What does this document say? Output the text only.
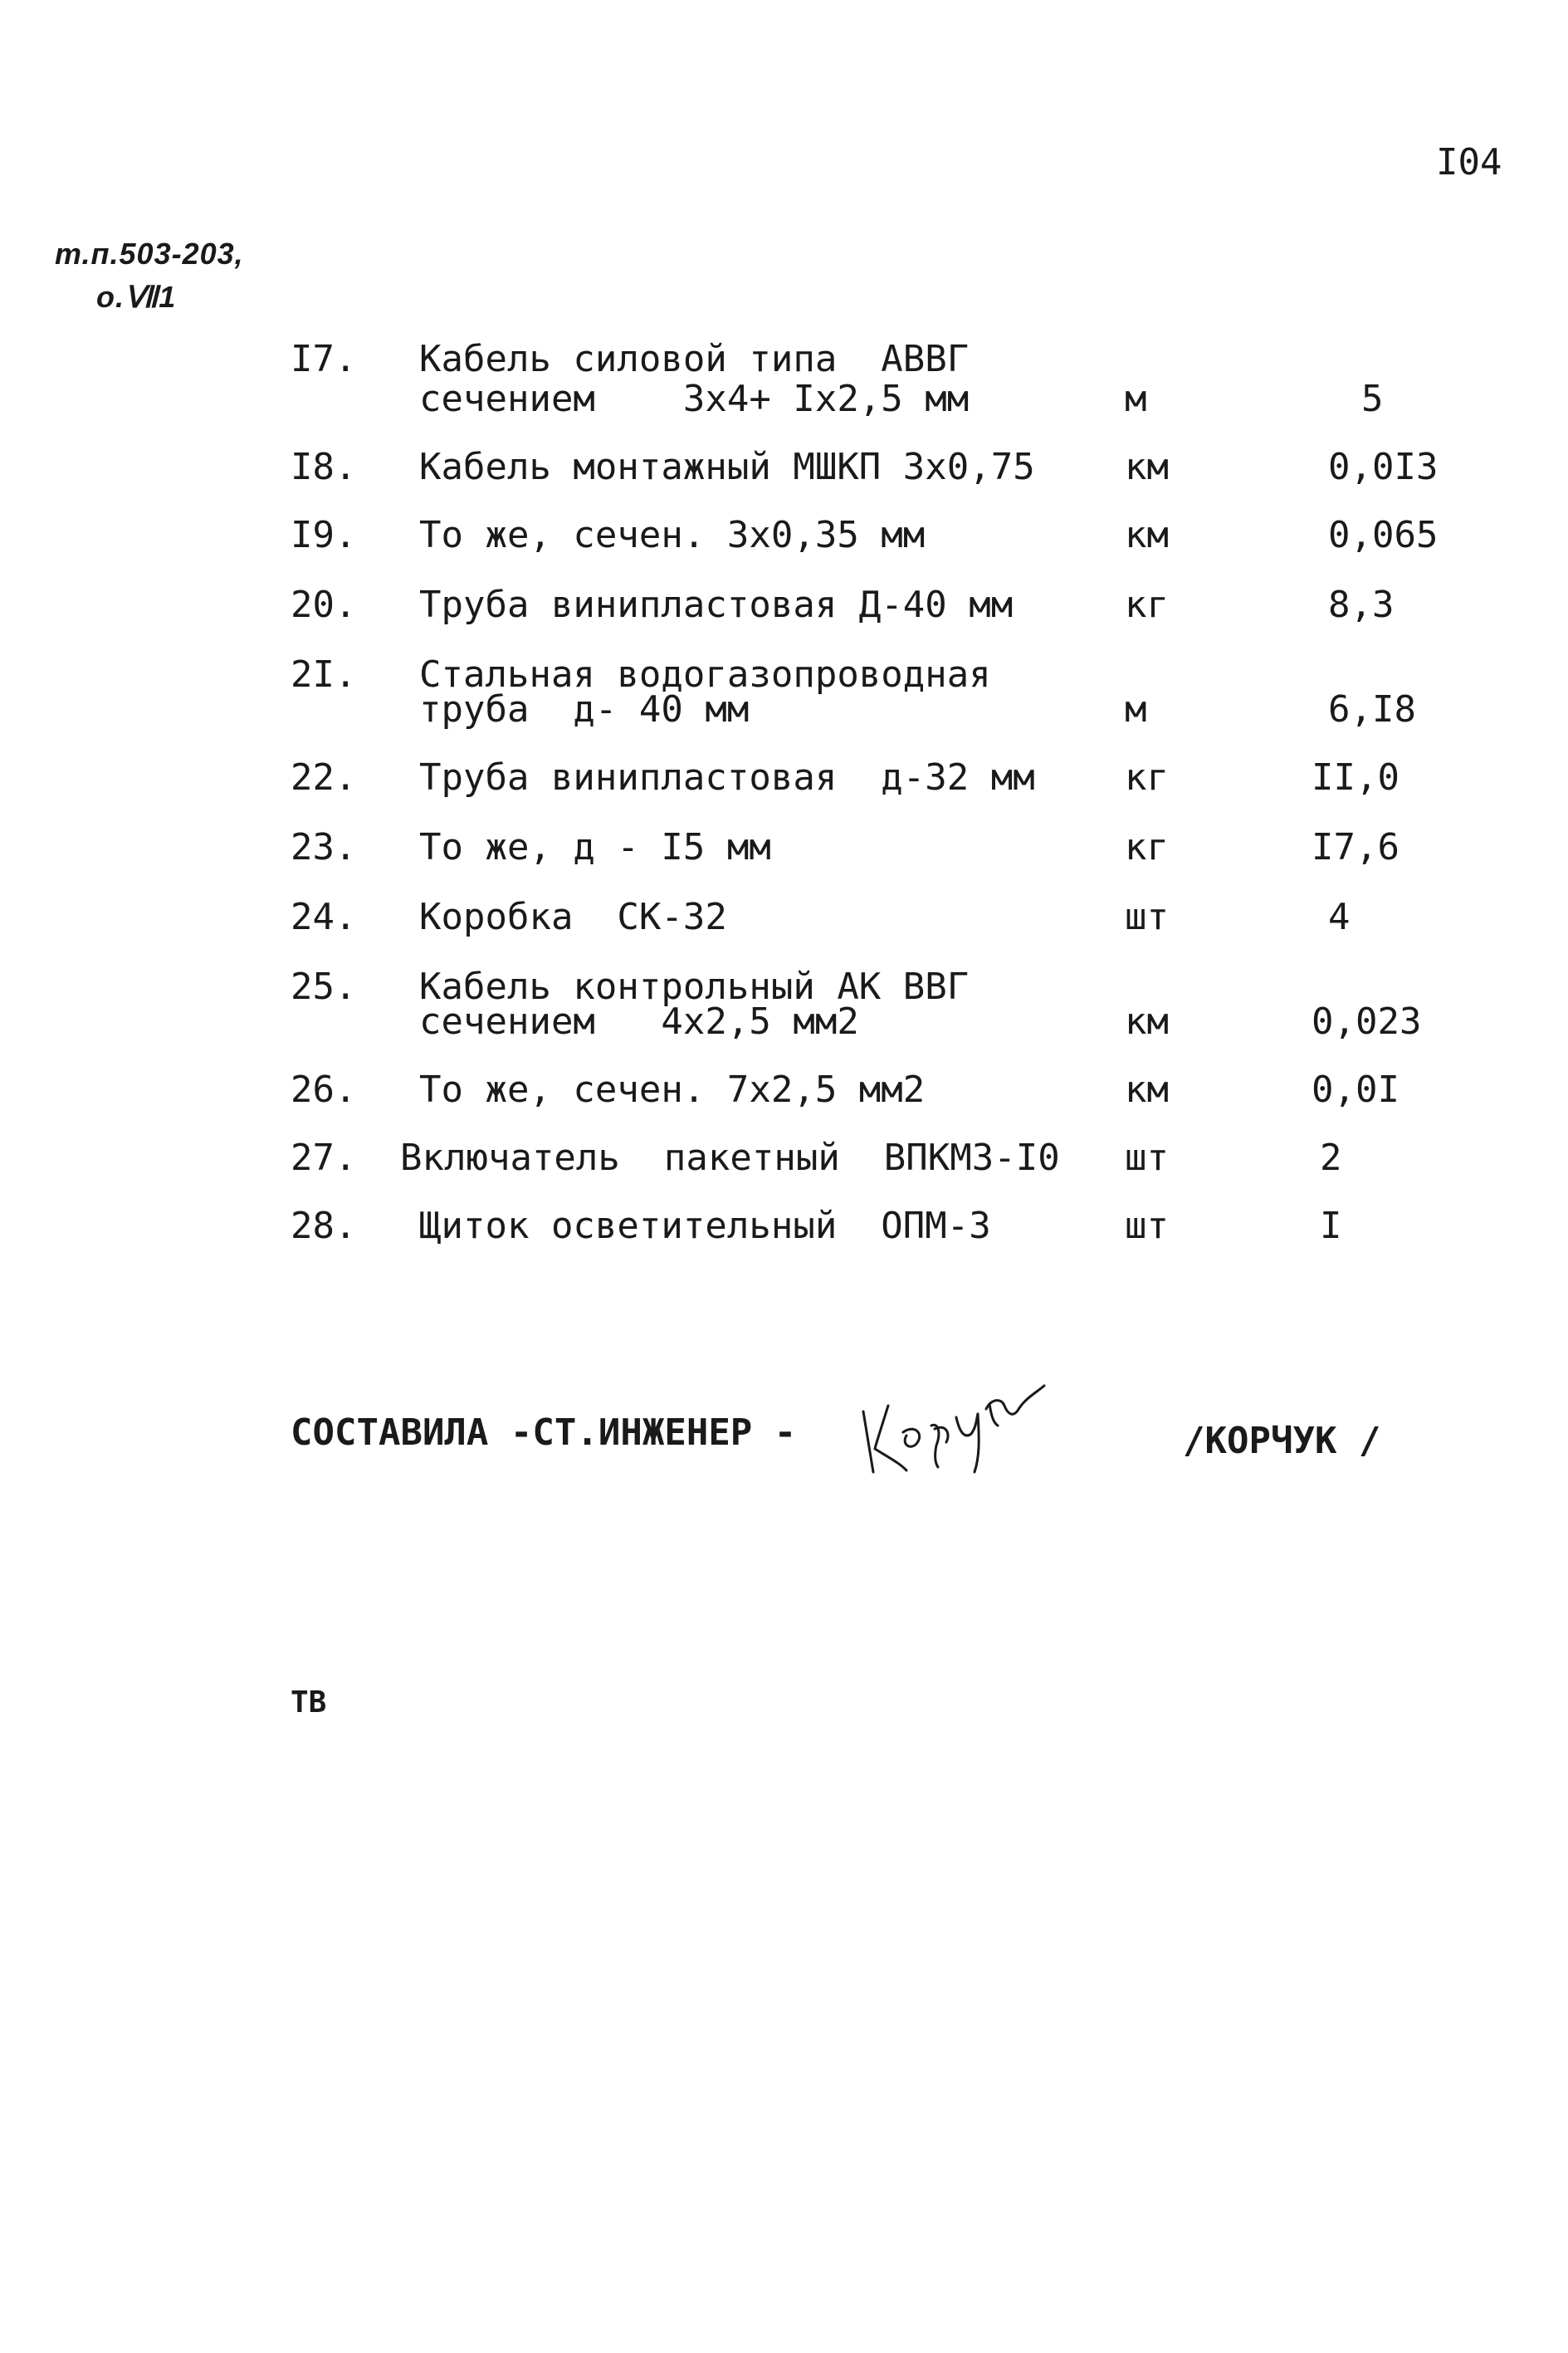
I04
т.п.503-203,
о.Ⅶ1
I7. Кабель силовой типа  АВВГ
сечением    3х4+ Iх2,5 мм	м	5
I8. Кабель монтажный МШКП 3х0,75 км	0,0I3
I9. То же, сечен. 3х0,35 мм	км	0,065
20. Труба винипластовая Д-40 мм	кг	8,3
2I. Стальная водогазопроводная
труба  д- 40 мм	м	6,I8
22. Труба винипластовая  д-32 мм кг	II,0
23. То же, д - I5 мм	кг	I7,6
24. Коробка  СК-32	шт	4
25. Кабель контрольный АК ВВГ
сечением   4х2,5 мм2	км	0,023
26. То же, сечен. 7х2,5 мм2	км	0,0I
27. Включатель  пакетный  ВПКМ3-I0 шт	2
28. Щиток осветительный  ОПМ-3	шт	I
СОСТАВИЛА -СТ.ИНЖЕНЕР -	/КОРЧУК /
ТВ
